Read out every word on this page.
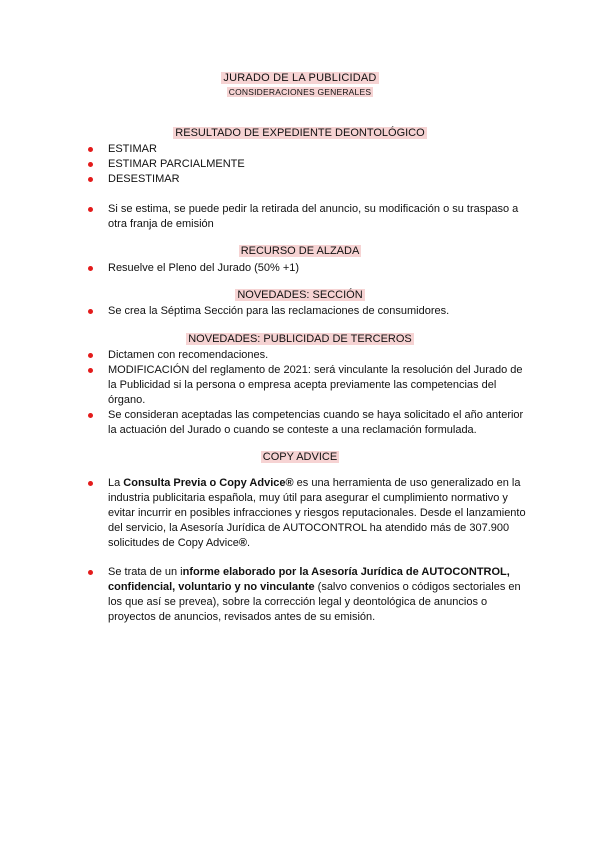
JURADO DE LA PUBLICIDAD
CONSIDERACIONES GENERALES
RESULTADO DE EXPEDIENTE DEONTOLÓGICO
ESTIMAR
ESTIMAR PARCIALMENTE
DESESTIMAR
Si se estima, se puede pedir la retirada del anuncio, su modificación o su traspaso a otra franja de emisión
RECURSO DE ALZADA
Resuelve el Pleno del Jurado (50% +1)
NOVEDADES: SECCIÓN
Se crea la Séptima Sección para las reclamaciones de consumidores.
NOVEDADES: PUBLICIDAD DE TERCEROS
Dictamen con recomendaciones.
MODIFICACIÓN del reglamento de 2021: será vinculante la resolución del Jurado de la Publicidad si la persona o empresa acepta previamente las competencias del órgano.
Se consideran aceptadas las competencias cuando se haya solicitado el año anterior la actuación del Jurado o cuando se conteste a una reclamación formulada.
COPY ADVICE
La Consulta Previa o Copy Advice® es una herramienta de uso generalizado en la industria publicitaria española, muy útil para asegurar el cumplimiento normativo y evitar incurrir en posibles infracciones y riesgos reputacionales. Desde el lanzamiento del servicio, la Asesoría Jurídica de AUTOCONTROL ha atendido más de 307.900 solicitudes de Copy Advice®.
Se trata de un informe elaborado por la Asesoría Jurídica de AUTOCONTROL, confidencial, voluntario y no vinculante (salvo convenios o códigos sectoriales en los que así se prevea), sobre la corrección legal y deontológica de anuncios o proyectos de anuncios, revisados antes de su emisión.
